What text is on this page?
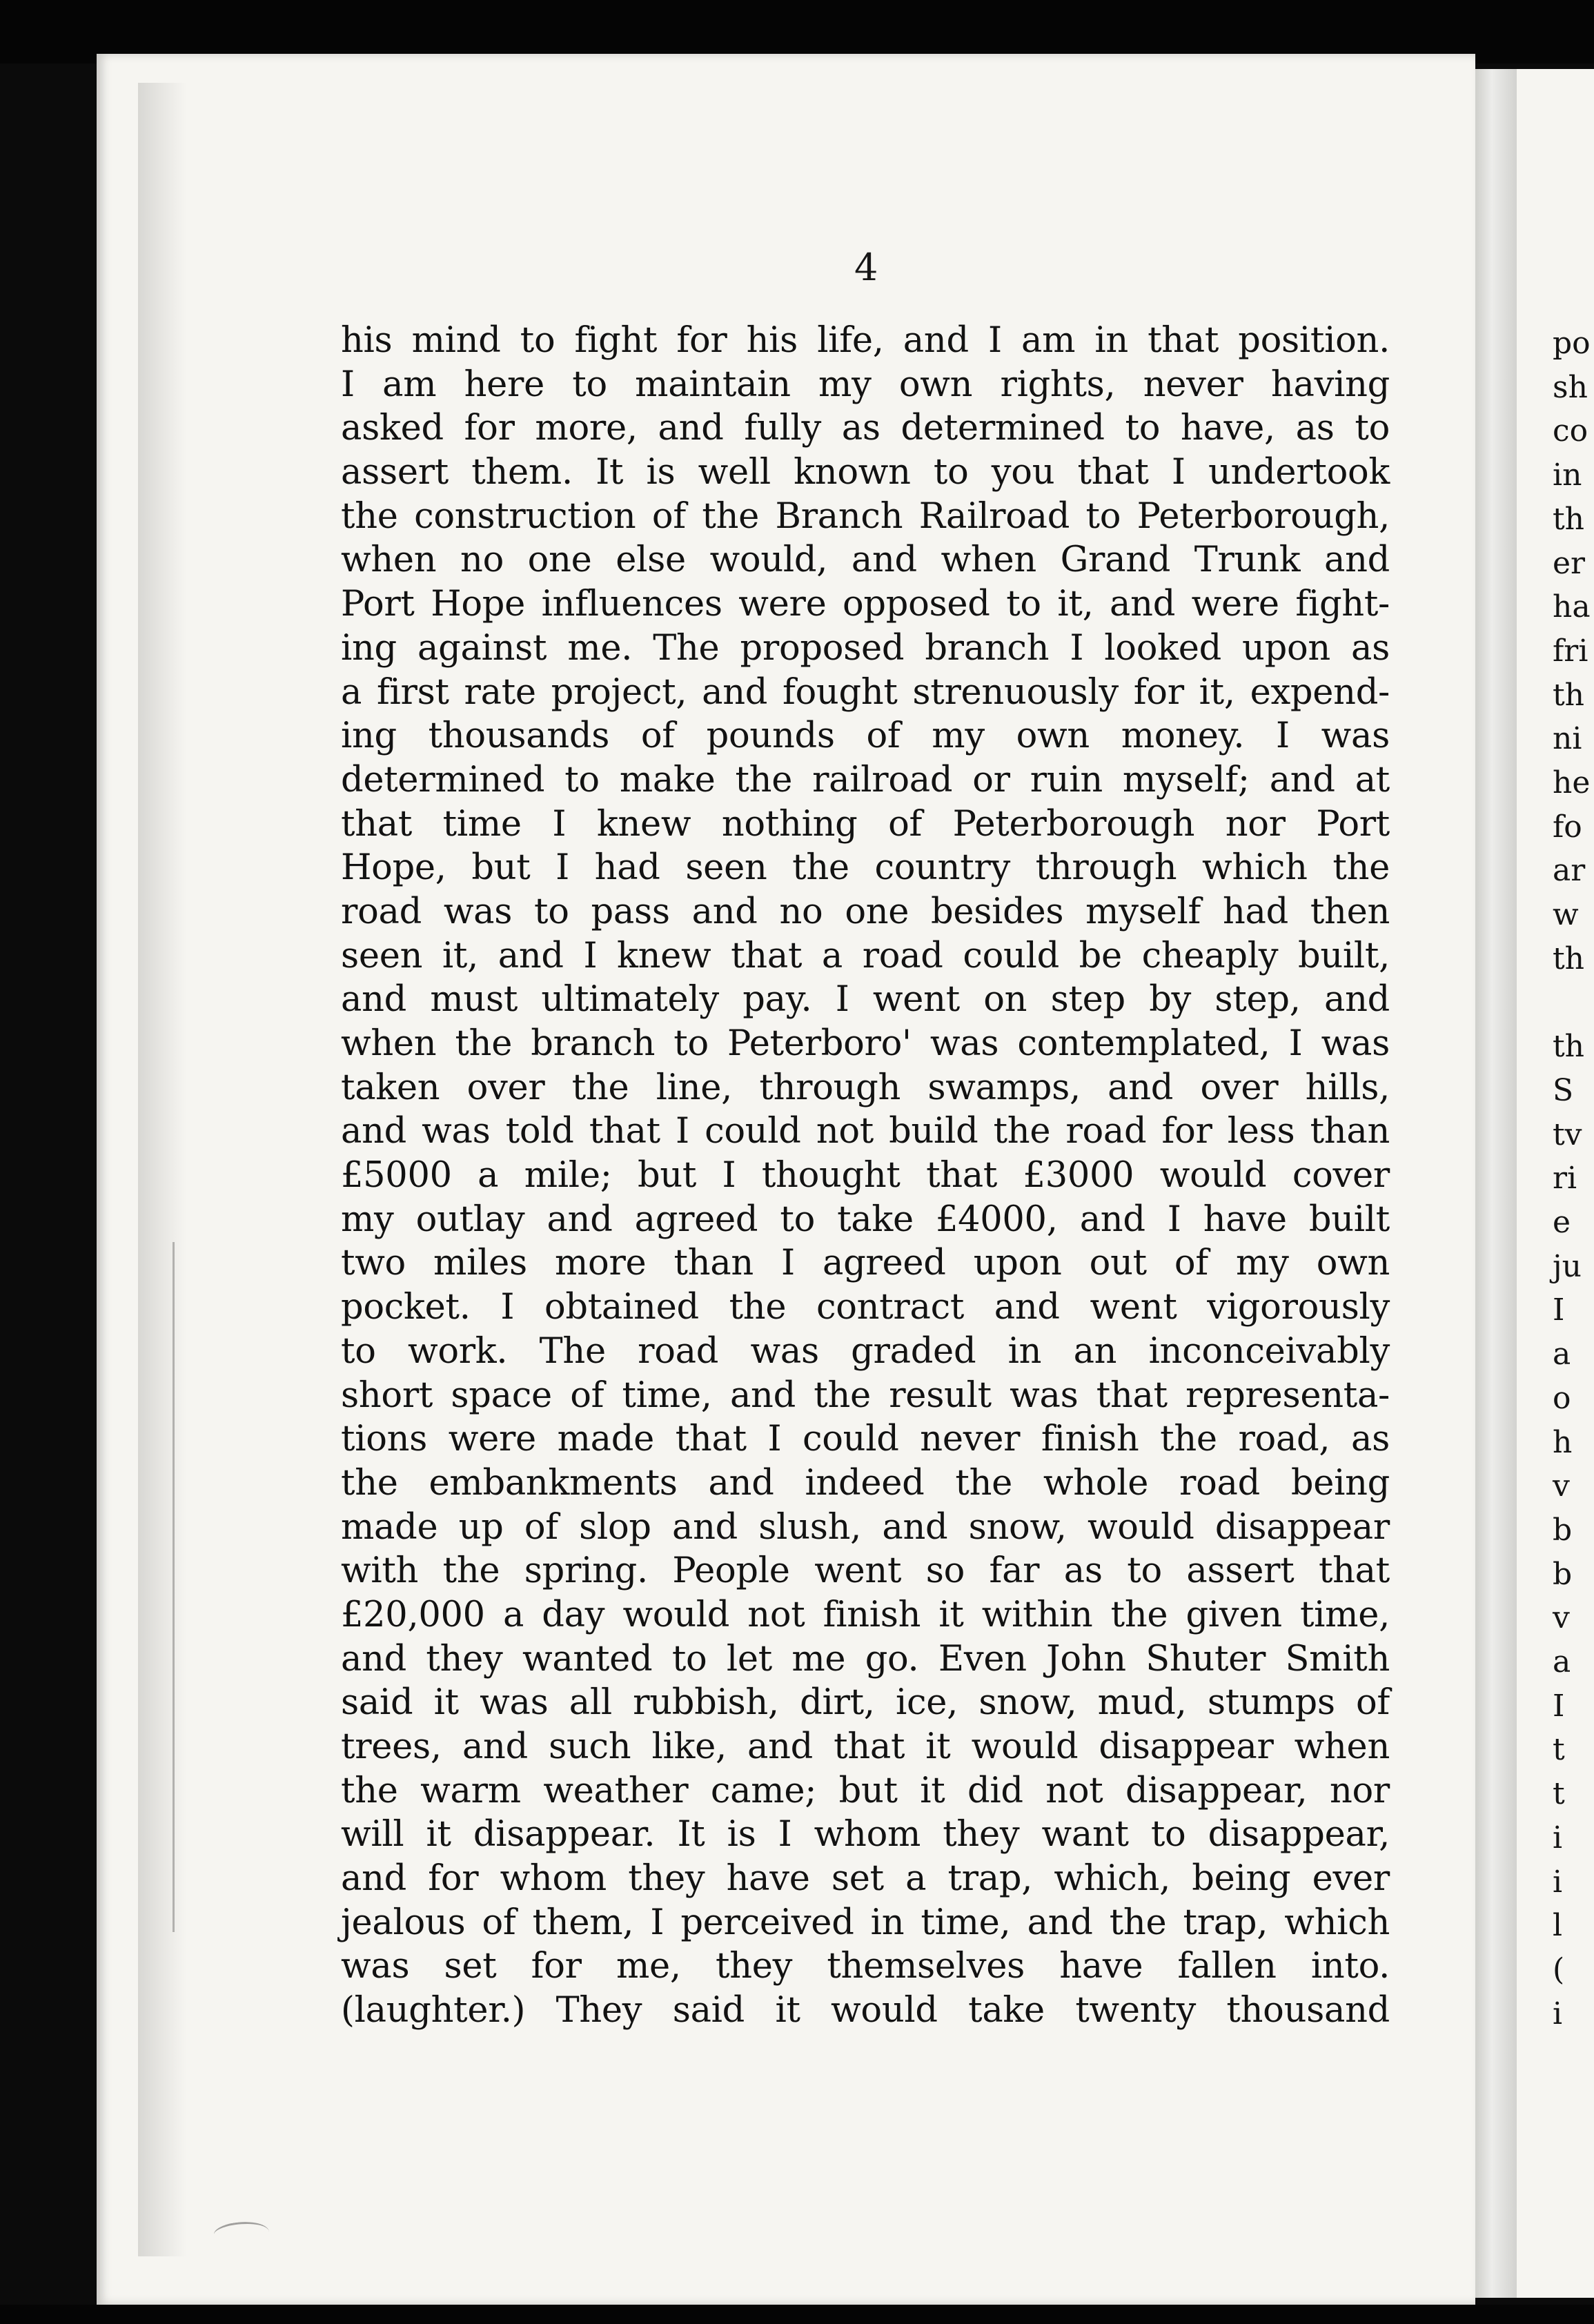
po
sh
co
in
th
er
ha
fri
th
ni
he
fo
ar
w
th
th
S
tv
ri
e
ju
I
a
o
h
v
b
b
v
a
I
t
t
i
i
l
(
i
4
his mind to fight for his life, and I am in that position.
I am here to maintain my own rights, never having
asked for more, and fully as determined to have, as to
assert them. It is well known to you that I undertook
the construction of the Branch Railroad to Peterborough,
when no one else would, and when Grand Trunk and
Port Hope influences were opposed to it, and were fight-
ing against me. The proposed branch I looked upon as
a first rate project, and fought strenuously for it, expend-
ing thousands of pounds of my own money. I was
determined to make the railroad or ruin myself; and at
that time I knew nothing of Peterborough nor Port
Hope, but I had seen the country through which the
road was to pass and no one besides myself had then
seen it, and I knew that a road could be cheaply built,
and must ultimately pay. I went on step by step, and
when the branch to Peterboro' was contemplated, I was
taken over the line, through swamps, and over hills,
and was told that I could not build the road for less than
£5000 a mile; but I thought that £3000 would cover
my outlay and agreed to take £4000, and I have built
two miles more than I agreed upon out of my own
pocket. I obtained the contract and went vigorously
to work. The road was graded in an inconceivably
short space of time, and the result was that representa-
tions were made that I could never finish the road, as
the embankments and indeed the whole road being
made up of slop and slush, and snow, would disappear
with the spring. People went so far as to assert that
£20,000 a day would not finish it within the given time,
and they wanted to let me go. Even John Shuter Smith
said it was all rubbish, dirt, ice, snow, mud, stumps of
trees, and such like, and that it would disappear when
the warm weather came; but it did not disappear, nor
will it disappear. It is I whom they want to disappear,
and for whom they have set a trap, which, being ever
jealous of them, I perceived in time, and the trap, which
was set for me, they themselves have fallen into.
(laughter.) They said it would take twenty thousand
